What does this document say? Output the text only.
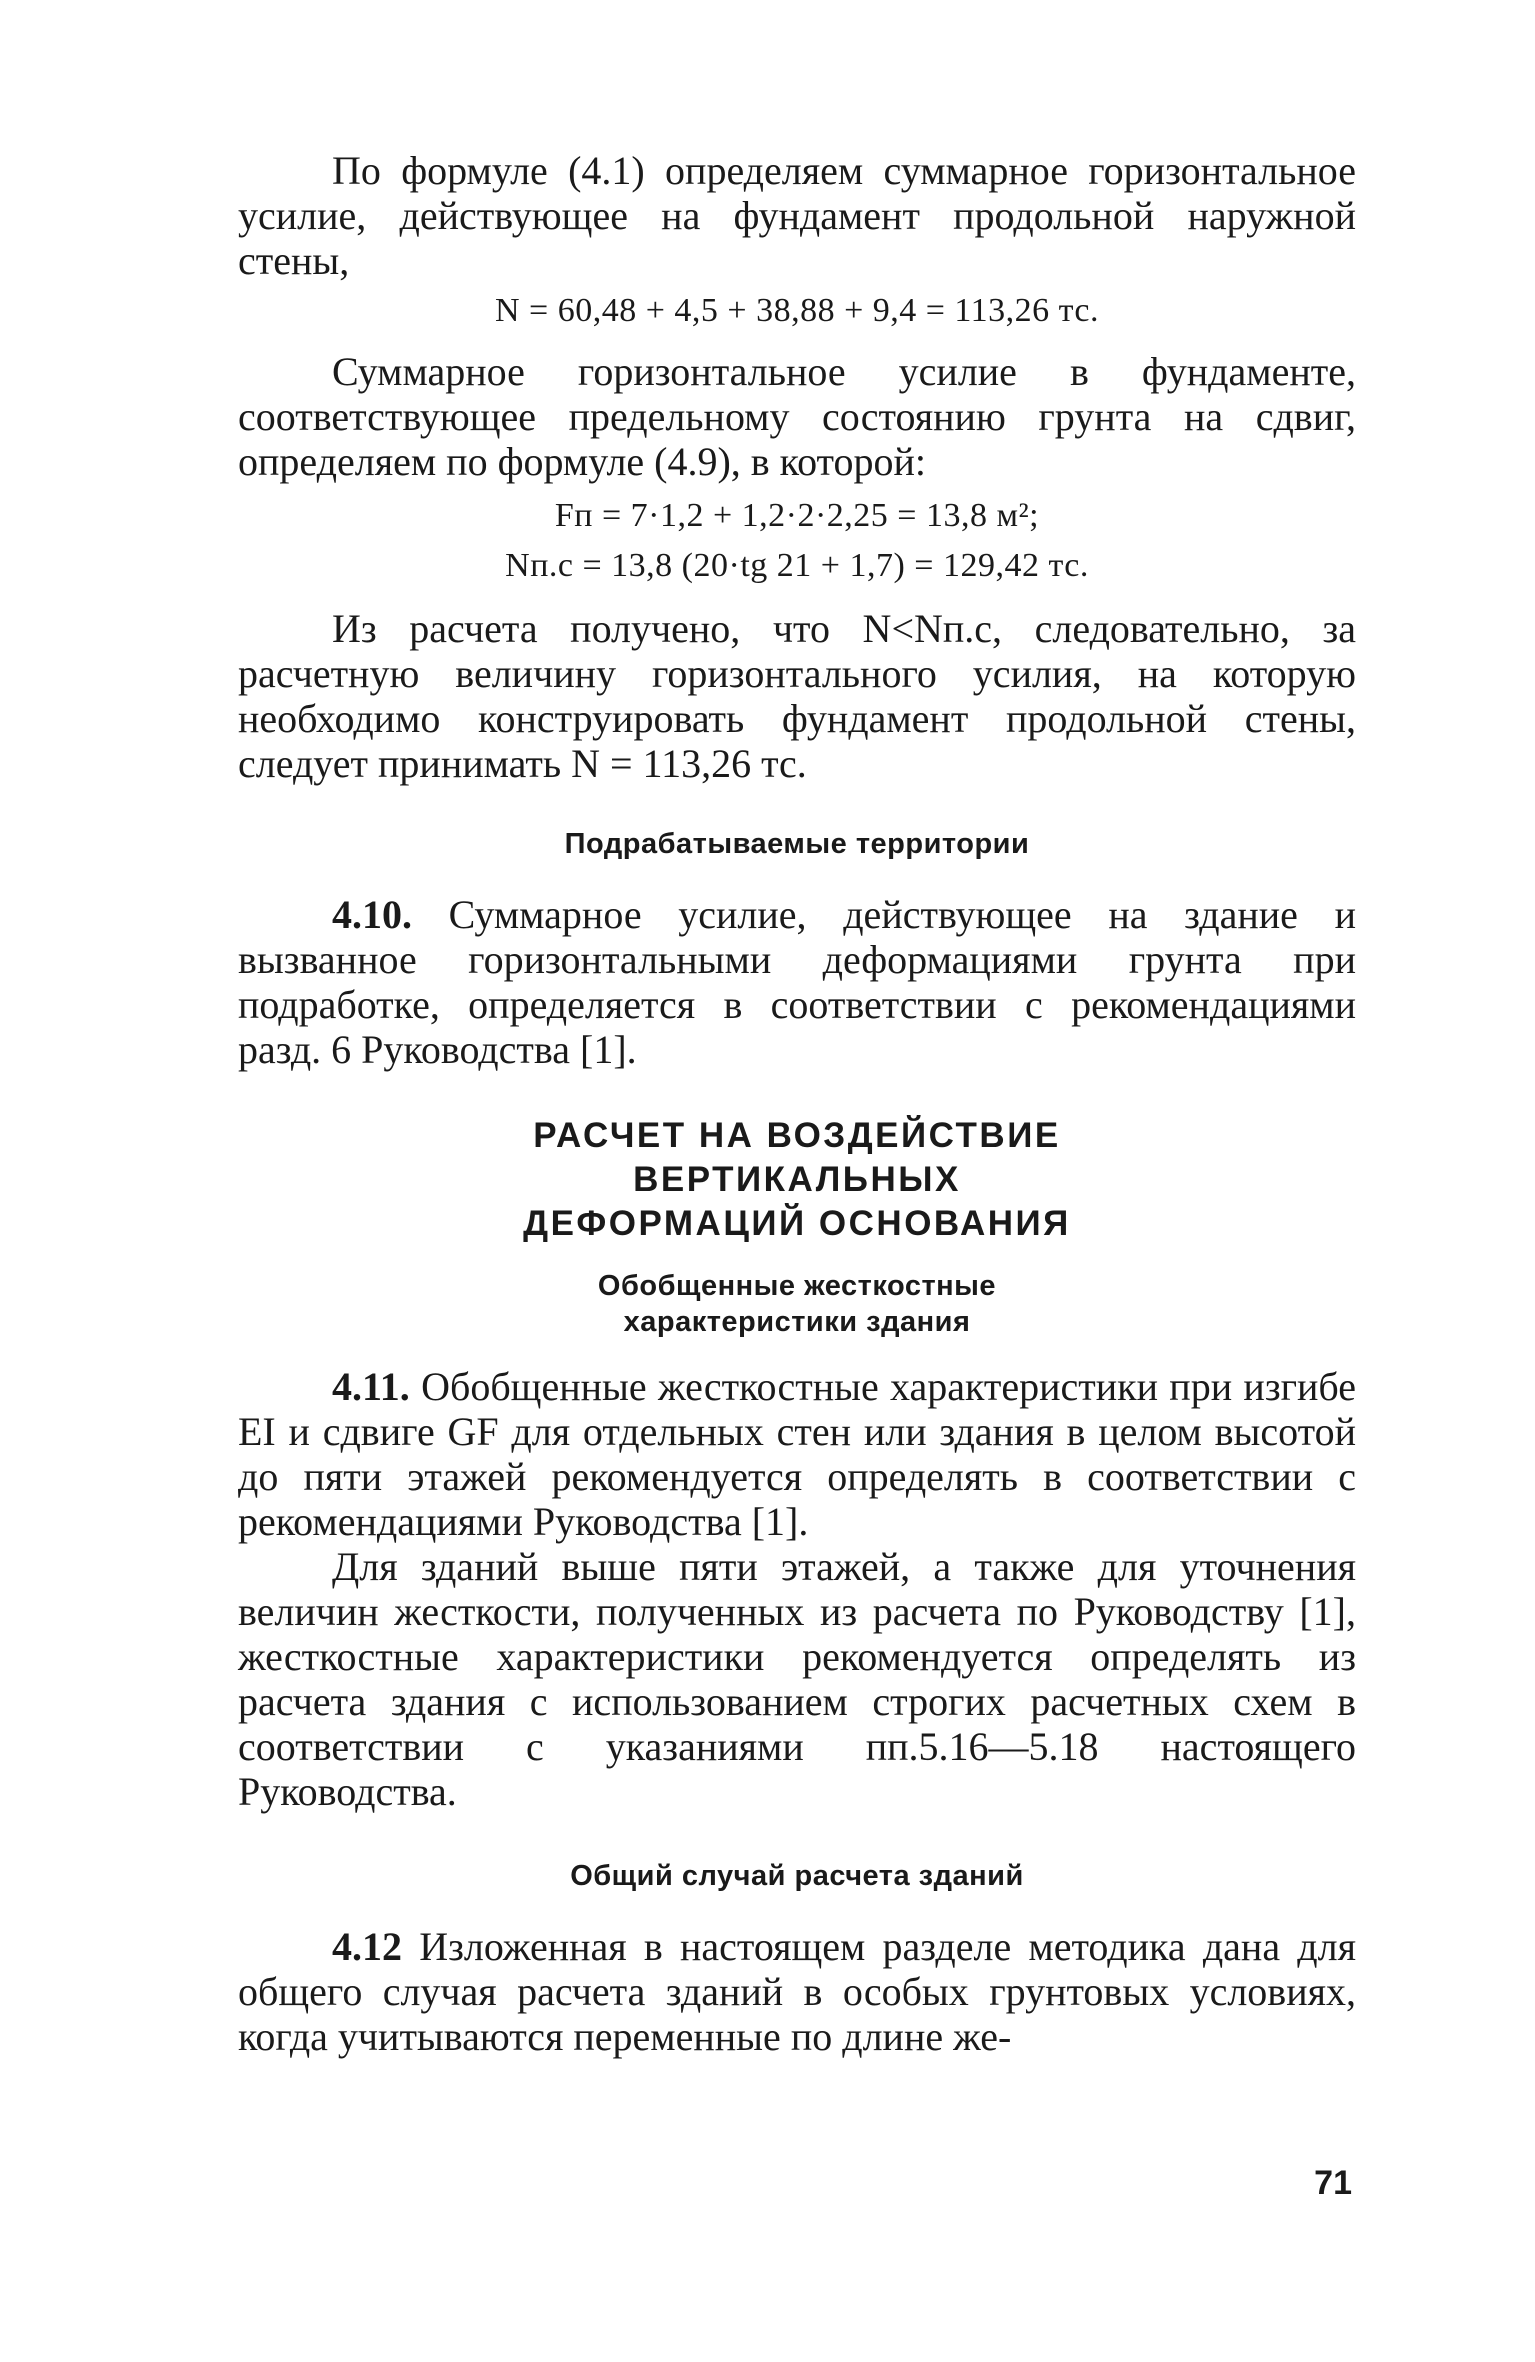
По формуле (4.1) определяем суммарное горизонтальное усилие, действующее на фундамент продольной наружной стены,

N = 60,48 + 4,5 + 38,88 + 9,4 = 113,26 тс.

Суммарное горизонтальное усилие в фундаменте, соответствующее предельному состоянию грунта на сдвиг, определяем по формуле (4.9), в которой:

Fп = 7·1,2 + 1,2·2·2,25 = 13,8 м²;

Nп.с = 13,8 (20·tg 21 + 1,7) = 129,42 тс.

Из расчета получено, что N<Nп.с, следовательно, за расчетную величину горизонтального усилия, на которую необходимо конструировать фундамент продольной стены, следует принимать N = 113,26 тс.

Подрабатываемые территории

4.10. Суммарное усилие, действующее на здание и вызванное горизонтальными деформациями грунта при подработке, определяется в соответствии с рекомендациями разд. 6 Руководства [1].

РАСЧЕТ НА ВОЗДЕЙСТВИЕ

ВЕРТИКАЛЬНЫХ

ДЕФОРМАЦИЙ ОСНОВАНИЯ

Обобщенные жесткостные

характеристики здания

4.11. Обобщенные жесткостные характеристики при изгибе EI и сдвиге GF для отдельных стен или здания в целом высотой до пяти этажей рекомендуется определять в соответствии с рекомендациями Руководства [1].

Для зданий выше пяти этажей, а также для уточнения величин жесткости, полученных из расчета по Руководству [1], жесткостные характеристики рекомендуется определять из расчета здания с использованием строгих расчетных схем в соответствии с указаниями пп.5.16—5.18 настоящего Руководства.

Общий случай расчета зданий

4.12 Изложенная в настоящем разделе методика дана для общего случая расчета зданий в особых грунтовых условиях, когда учитываются переменные по длине же-

71
